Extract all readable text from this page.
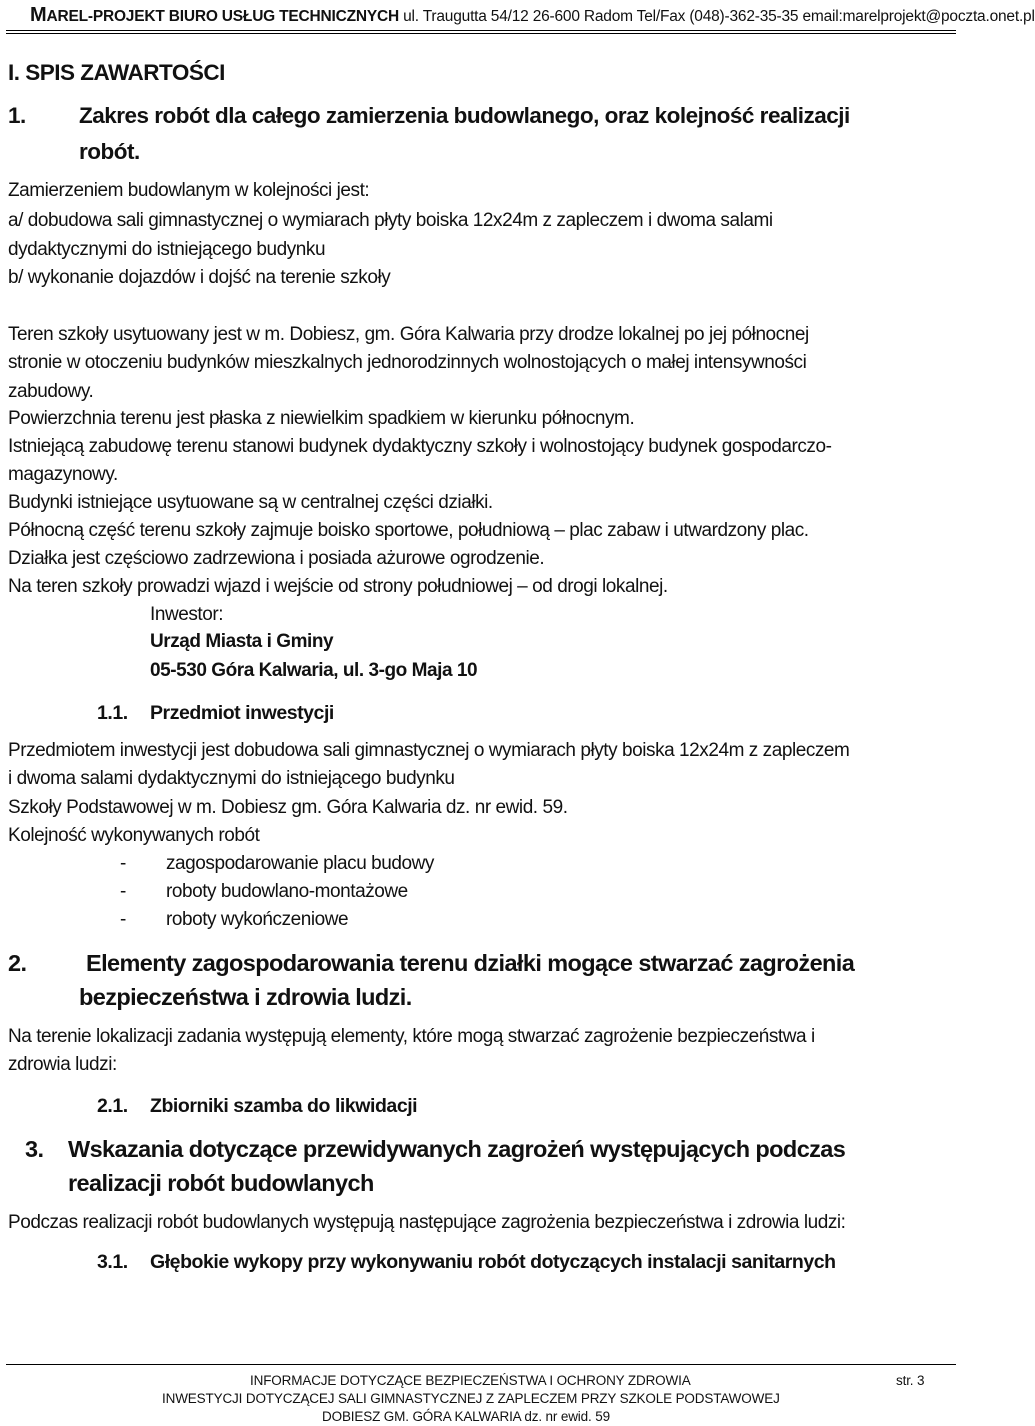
MAREL-PROJEKT BIURO USŁUG TECHNICZNYCH ul. Traugutta 54/12 26-600 Radom Tel/Fax (048)-362-35-35 email:marelprojekt@poczta.onet.pl
I. SPIS ZAWARTOŚCI
1. Zakres robót dla całego zamierzenia budowlanego, oraz kolejność realizacji
robót.
Zamierzeniem budowlanym w kolejności jest:
a/ dobudowa sali gimnastycznej o wymiarach płyty boiska 12x24m z zapleczem i dwoma salami
dydaktycznymi do istniejącego budynku
b/ wykonanie dojazdów i dojść na terenie szkoły
Teren szkoły usytuowany jest w m. Dobiesz, gm. Góra Kalwaria przy drodze lokalnej po jej północnej
stronie w otoczeniu budynków mieszkalnych jednorodzinnych wolnostojących o małej intensywności
zabudowy.
Powierzchnia terenu jest płaska z niewielkim spadkiem w kierunku północnym.
Istniejącą zabudowę terenu stanowi budynek dydaktyczny szkoły i wolnostojący budynek gospodarczo-
magazynowy.
Budynki istniejące usytuowane są w centralnej części działki.
Północną część terenu szkoły zajmuje boisko sportowe, południową – plac zabaw i utwardzony plac.
Działka jest częściowo zadrzewiona i posiada ażurowe ogrodzenie.
Na teren szkoły prowadzi wjazd i wejście od strony południowej – od drogi lokalnej.
Inwestor:
Urząd Miasta i Gminy
05-530 Góra Kalwaria, ul. 3-go Maja 10
1.1. Przedmiot inwestycji
Przedmiotem inwestycji jest dobudowa sali gimnastycznej o wymiarach płyty boiska 12x24m z zapleczem
i dwoma salami dydaktycznymi do istniejącego budynku
Szkoły Podstawowej w m. Dobiesz gm. Góra Kalwaria dz. nr ewid. 59.
Kolejność wykonywanych robót
- zagospodarowanie placu budowy
- roboty budowlano-montażowe
- roboty wykończeniowe
2.	Elementy zagospodarowania terenu działki mogące stwarzać zagrożenia
bezpieczeństwa i zdrowia ludzi.
Na terenie lokalizacji zadania występują elementy, które mogą stwarzać zagrożenie bezpieczeństwa i
zdrowia ludzi:
2.1. Zbiorniki szamba do likwidacji
3. Wskazania dotyczące przewidywanych zagrożeń występujących podczas
realizacji robót budowlanych
Podczas realizacji robót budowlanych występują następujące zagrożenia bezpieczeństwa i zdrowia ludzi:
3.1. Głębokie wykopy przy wykonywaniu robót dotyczących instalacji sanitarnych
INFORMACJE DOTYCZĄCE BEZPIECZEŃSTWA I OCHRONY ZDROWIA	str. 3
INWESTYCJI DOTYCZĄCEJ SALI GIMNASTYCZNEJ Z ZAPLECZEM PRZY SZKOLE PODSTAWOWEJ
DOBIESZ GM. GÓRA KALWARIA dz. nr ewid. 59
